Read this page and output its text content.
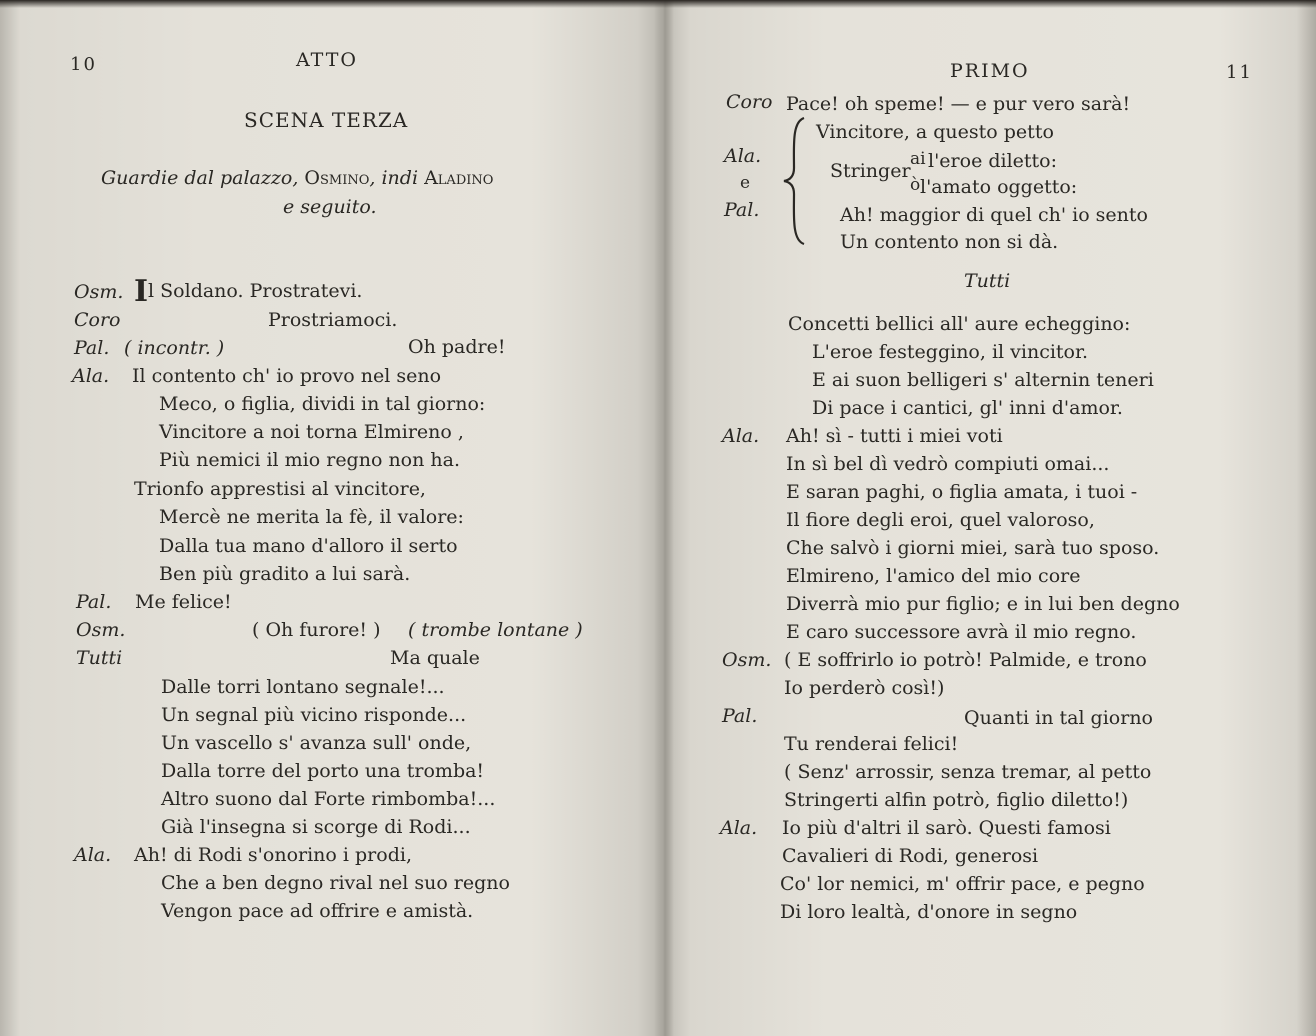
10	ATTO
SCENA TERZA
Guardie dal palazzo, Osmino, indi Aladino
e seguito.
Osm. Il Soldano. Prostratevi.
Coro	Prostriamoci.
Pal. ( incontr. )	Oh padre!
Ala. Il contento ch' io provo nel seno
Meco, o figlia, dividi in tal giorno:
Vincitore a noi torna Elmireno ,
Più nemici il mio regno non ha.
Trionfo apprestisi al vincitore,
Mercè ne merita la fè, il valore:
Dalla tua mano d'alloro il serto
Ben più gradito a lui sarà.
Pal. Me felice!
Osm.	( Oh furore! ) ( trombe lontane )
Tutti	Ma quale
Dalle torri lontano segnale!...
Un segnal più vicino risponde...
Un vascello s' avanza sull' onde,
Dalla torre del porto una tromba!
Altro suono dal Forte rimbomba!...
Già l'insegna si scorge di Rodi...
Ala. Ah! di Rodi s'onorino i prodi,
Che a ben degno rival nel suo regno
Vengon pace ad offrire e amistà.
PRIMO	11
Coro Pace! oh speme! — e pur vero sarà!
Ala.
e
Pal.
Vincitore, a questo petto
Stringer
ai l'eroe diletto:
ò l'amato oggetto:
Ah! maggior di quel ch' io sento
Un contento non si dà.
Tutti
Concetti bellici all' aure echeggino:
L'eroe festeggino, il vincitor.
E ai suon belligeri s' alternin teneri
Di pace i cantici, gl' inni d'amor.
Ala. Ah! sì - tutti i miei voti
In sì bel dì vedrò compiuti omai...
E saran paghi, o figlia amata, i tuoi -
Il fiore degli eroi, quel valoroso,
Che salvò i giorni miei, sarà tuo sposo.
Elmireno, l'amico del mio core
Diverrà mio pur figlio; e in lui ben degno
E caro successore avrà il mio regno.
Osm. ( E soffrirlo io potrò! Palmide, e trono
Io perderò così!)
Pal.	Quanti in tal giorno
Tu renderai felici!
( Senz' arrossir, senza tremar, al petto
Stringerti alfin potrò, figlio diletto!)
Ala. Io più d'altri il sarò. Questi famosi
Cavalieri di Rodi, generosi
Co' lor nemici, m' offrir pace, e pegno
Di loro lealtà, d'onore in segno
